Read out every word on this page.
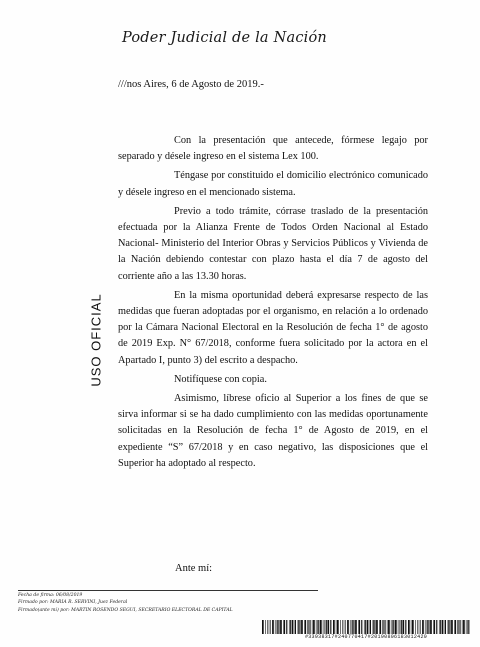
Poder Judicial de la Nación
///nos Aires, 6 de Agosto de 2019.-

Con la presentación que antecede, fórmese legajo por separado y désele ingreso en el sistema Lex 100.

Téngase por constituido el domicilio electrónico comunicado y désele ingreso en el mencionado sistema.

Previo a todo trámite, córrase traslado de la presentación efectuada por la Alianza Frente de Todos Orden Nacional al Estado Nacional- Ministerio del Interior Obras y Servicios Públicos y Vivienda de la Nación debiendo contestar con plazo hasta el día 7 de agosto del corriente año a las 13.30 horas.

En la misma oportunidad deberá expresarse respecto de las medidas que fueran adoptadas por el organismo, en relación a lo ordenado por la Cámara Nacional Electoral en la Resolución de fecha 1° de agosto de 2019 Exp. N° 67/2018, conforme fuera solicitado por la actora en el Apartado I, punto 3) del escrito a despacho.

Notifíquese con copia.

Asimismo, líbrese oficio al Superior a los fines de que se sirva informar si se ha dado cumplimiento con las medidas oportunamente solicitadas en la Resolución de fecha 1° de Agosto de 2019, en el expediente “S” 67/2018 y en caso negativo, las disposiciones que el Superior ha adoptado al respecto.

USO OFICIAL
Ante mí:
Fecha de firma: 06/08/2019
Firmado por: MARIA R. SERVINI, Juez Federal
Firmado(ante mi) por: MARTIN ROSENDO SEGUI, SECRETARIO ELECTORAL DE CAPITAL
#33938317#240770417#20190806183012420
